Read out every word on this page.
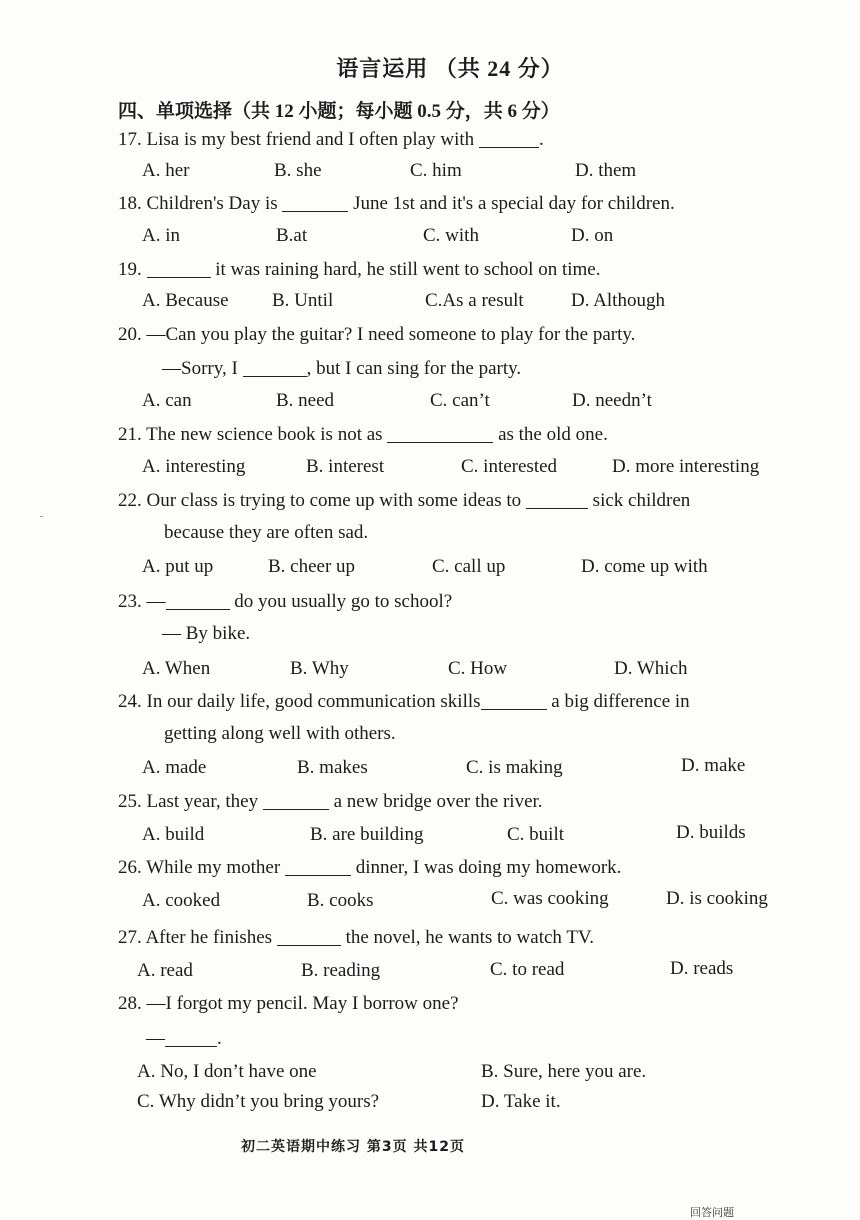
语言运用 （共 24 分）
四、单项选择（共 12 小题；每小题 0.5 分，共 6 分）
17. Lisa is my best friend and I often play with	.
A. her	B. she	C. him	D. them
18. Children's Day is	June 1st and it's a special day for children.
A. in	B.at	C. with	D. on
19.	it was raining hard, he still went to school on time.
A. Because B. Until	C.As a result D. Although
20. —Can you play the guitar? I need someone to play for the party.
—Sorry, I	, but I can sing for the party.
A. can	B. need	C. can’t	D. needn’t
21. The new science book is not as	as the old one.
A. interesting	B. interest	C. interested	D. more interesting
22. Our class is trying to come up with some ideas to	sick children
because they are often sad.
A. put up	B. cheer up	C. call up	D. come up with
23. —	do you usually go to school?
— By bike.
A. When	B. Why	C. How	D. Which
24. In our daily life, good communication skills	a big difference in
getting along well with others.
A. made	B. makes	C. is making	D. make
25. Last year, they	a new bridge over the river.
A. build	B. are building	C. built	D. builds
26. While my mother	dinner, I was doing my homework.
A. cooked	B. cooks	C. was cooking	D. is cooking
27. After he finishes	the novel, he wants to watch TV.
A. read	B. reading	C. to read	D. reads
28. —I forgot my pencil. May I borrow one?
—	.
A. No, I don’t have one	B. Sure, here you are.
C. Why didn’t you bring yours?	D. Take it.
初二英语期中练习 第3页 共12页
回答问题
